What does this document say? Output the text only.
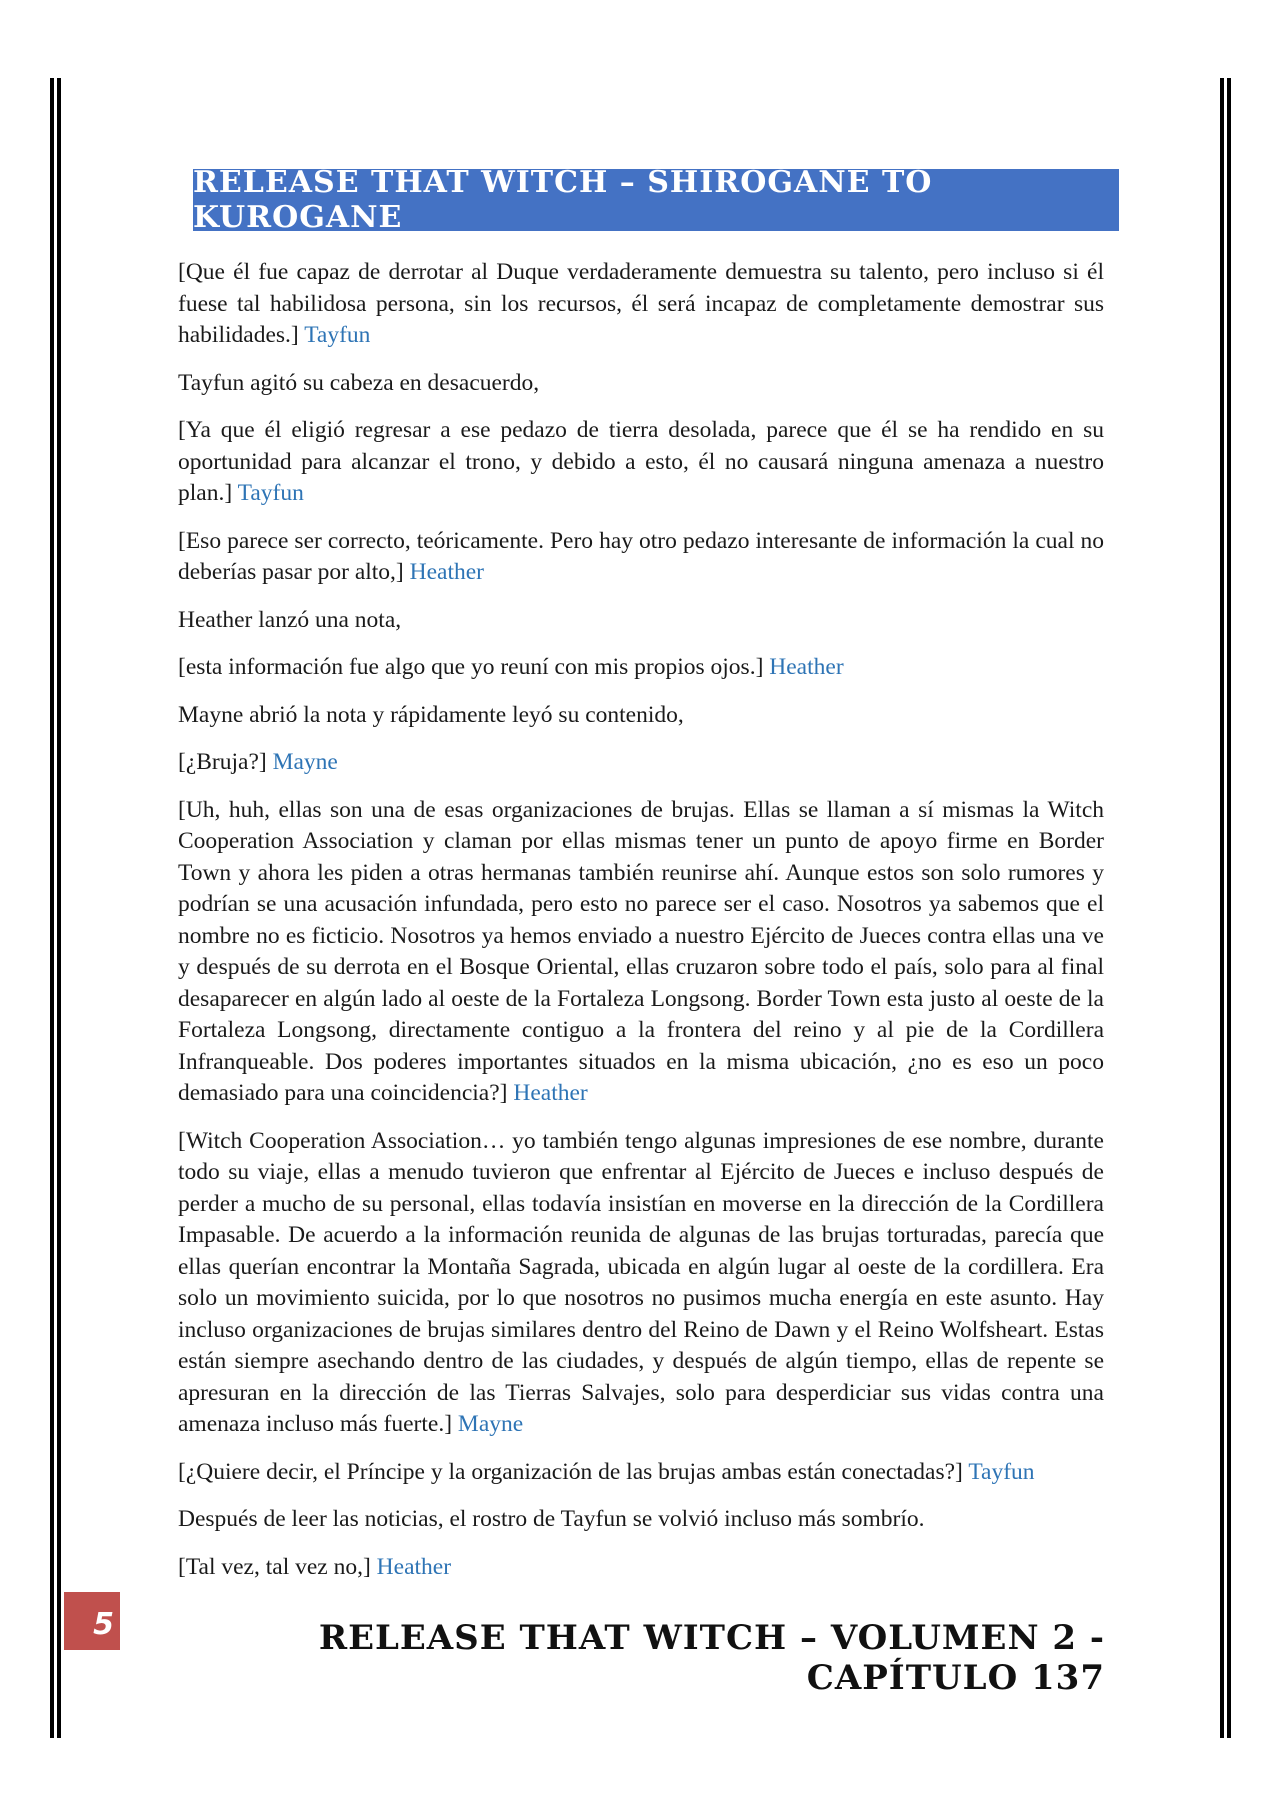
RELEASE THAT WITCH – SHIROGANE TO KUROGANE

[Que él fue capaz de derrotar al Duque verdaderamente demuestra su talento, pero incluso si él fuese tal habilidosa persona, sin los recursos, él será incapaz de completamente demostrar sus habilidades.] Tayfun

Tayfun agitó su cabeza en desacuerdo,

[Ya que él eligió regresar a ese pedazo de tierra desolada, parece que él se ha rendido en su oportunidad para alcanzar el trono, y debido a esto, él no causará ninguna amenaza a nuestro plan.] Tayfun

[Eso parece ser correcto, teóricamente. Pero hay otro pedazo interesante de información la cual no deberías pasar por alto,] Heather

Heather lanzó una nota,

[esta información fue algo que yo reuní con mis propios ojos.] Heather

Mayne abrió la nota y rápidamente leyó su contenido,

[¿Bruja?] Mayne

[Uh, huh, ellas son una de esas organizaciones de brujas. Ellas se llaman a sí mismas la Witch Cooperation Association y claman por ellas mismas tener un punto de apoyo firme en Border Town y ahora les piden a otras hermanas también reunirse ahí. Aunque estos son solo rumores y podrían se una acusación infundada, pero esto no parece ser el caso. Nosotros ya sabemos que el nombre no es ficticio. Nosotros ya hemos enviado a nuestro Ejército de Jueces contra ellas una ve y después de su derrota en el Bosque Oriental, ellas cruzaron sobre todo el país, solo para al final desaparecer en algún lado al oeste de la Fortaleza Longsong. Border Town esta justo al oeste de la Fortaleza Longsong, directamente contiguo a la frontera del reino y al pie de la Cordillera Infranqueable. Dos poderes importantes situados en la misma ubicación, ¿no es eso un poco demasiado para una coincidencia?] Heather

[Witch Cooperation Association… yo también tengo algunas impresiones de ese nombre, durante todo su viaje, ellas a menudo tuvieron que enfrentar al Ejército de Jueces e incluso después de perder a mucho de su personal, ellas todavía insistían en moverse en la dirección de la Cordillera Impasable. De acuerdo a la información reunida de algunas de las brujas torturadas, parecía que ellas querían encontrar la Montaña Sagrada, ubicada en algún lugar al oeste de la cordillera. Era solo un movimiento suicida, por lo que nosotros no pusimos mucha energía en este asunto. Hay incluso organizaciones de brujas similares dentro del Reino de Dawn y el Reino Wolfsheart. Estas están siempre asechando dentro de las ciudades, y después de algún tiempo, ellas de repente se apresuran en la dirección de las Tierras Salvajes, solo para desperdiciar sus vidas contra una amenaza incluso más fuerte.] Mayne

[¿Quiere decir, el Príncipe y la organización de las brujas ambas están conectadas?] Tayfun

Después de leer las noticias, el rostro de Tayfun se volvió incluso más sombrío.

[Tal vez, tal vez no,] Heather

5	RELEASE THAT WITCH – VOLUMEN 2 - CAPÍTULO 137
